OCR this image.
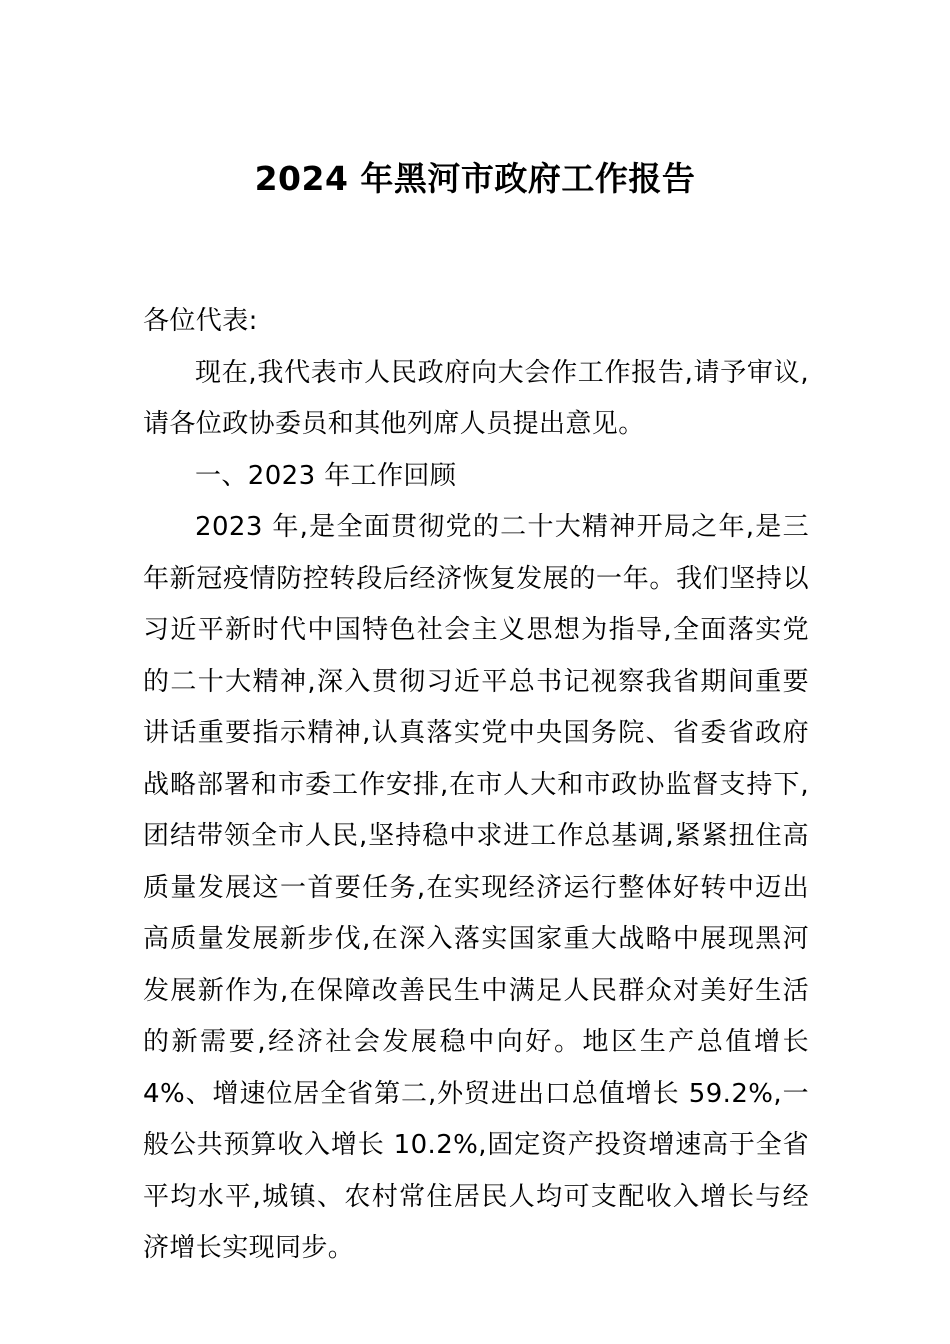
2024 年黑河市政府工作报告

各位代表:

现在,我代表市人民政府向大会作工作报告,请予审议,请各位政协委员和其他列席人员提出意见。

一、2023 年工作回顾

2023 年,是全面贯彻党的二十大精神开局之年,是三年新冠疫情防控转段后经济恢复发展的一年。我们坚持以习近平新时代中国特色社会主义思想为指导,全面落实党的二十大精神,深入贯彻习近平总书记视察我省期间重要讲话重要指示精神,认真落实党中央国务院、省委省政府战略部署和市委工作安排,在市人大和市政协监督支持下,团结带领全市人民,坚持稳中求进工作总基调,紧紧扭住高质量发展这一首要任务,在实现经济运行整体好转中迈出高质量发展新步伐,在深入落实国家重大战略中展现黑河发展新作为,在保障改善民生中满足人民群众对美好生活的新需要,经济社会发展稳中向好。地区生产总值增长 4%、增速位居全省第二,外贸进出口总值增长 59.2%,一般公共预算收入增长 10.2%,固定资产投资增速高于全省平均水平,城镇、农村常住居民人均可支配收入增长与经济增长实现同步。
